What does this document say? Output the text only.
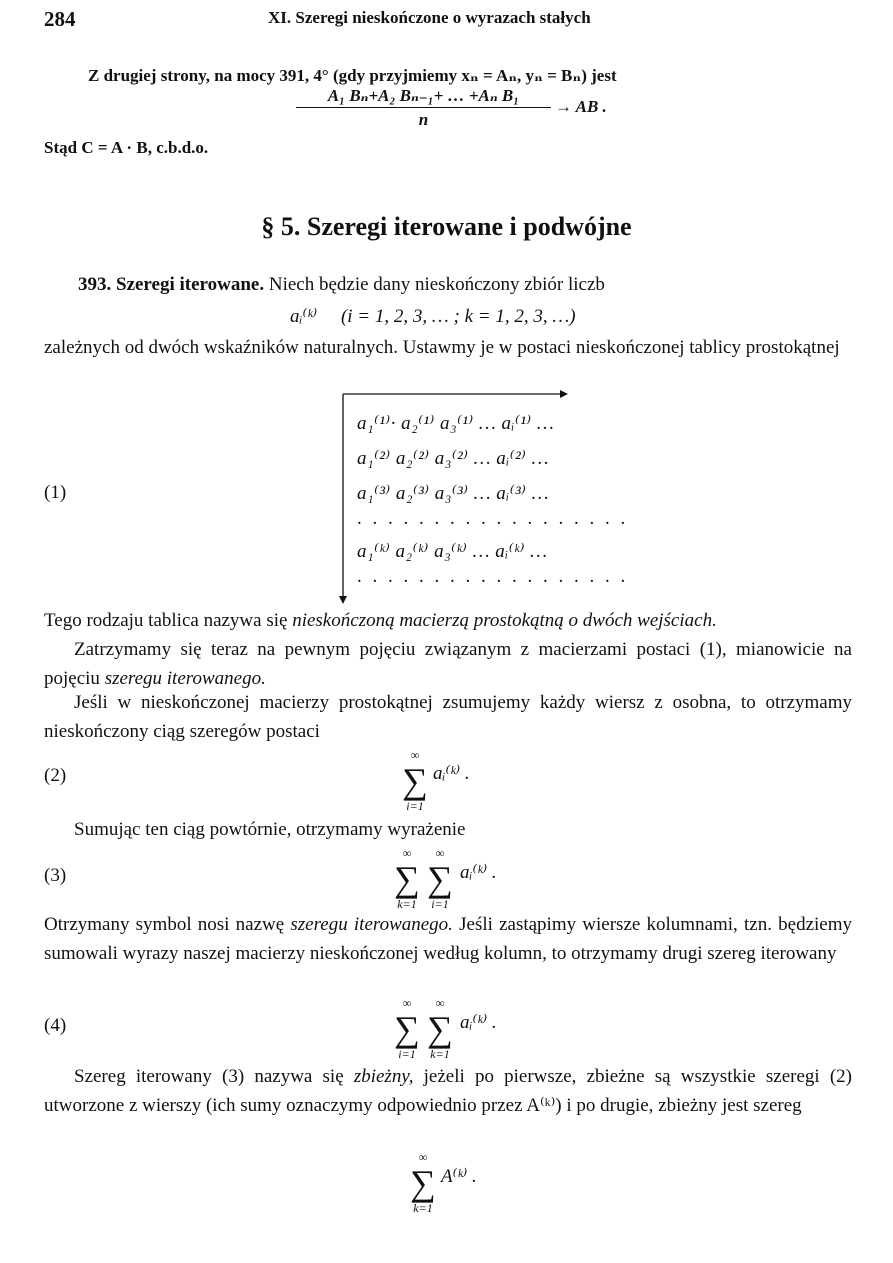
284	XI. Szeregi nieskończone o wyrazach stałych
Z drugiej strony, na mocy 391, 4° (gdy przyjmiemy xₙ = Aₙ, yₙ = Bₙ) jest
$\frac{\text{A₁ Bₙ+A₂ Bₙ₋₁+ … +Aₙ B₁}}{n}$ → AB .
Stąd C = A · B, c.b.d.o.
§ 5. Szeregi iterowane i podwójne
393. Szeregi iterowane. Niech będzie dany nieskończony zbiór liczb
aᵢ⁽ᵏ⁾ (i = 1, 2, 3, … ; k = 1, 2, 3, …)
zależnych od dwóch wskaźników naturalnych. Ustawmy je w postaci nieskończonej tablicy prostokątnej
(1)
a₁⁽¹⁾· a₂⁽¹⁾ a₃⁽¹⁾ … aᵢ⁽¹⁾ …
a₁⁽²⁾ a₂⁽²⁾ a₃⁽²⁾ … aᵢ⁽²⁾ …
a₁⁽³⁾ a₂⁽³⁾ a₃⁽³⁾ … aᵢ⁽³⁾ …
. . . . . . . . . . . . . . . . . .
a₁⁽ᵏ⁾ a₂⁽ᵏ⁾ a₃⁽ᵏ⁾ … aᵢ⁽ᵏ⁾ …
. . . . . . . . . . . . . . . . . .
Tego rodzaju tablica nazywa się nieskończoną macierzą prostokątną o dwóch wejściach.
Zatrzymamy się teraz na pewnym pojęciu związanym z macierzami postaci (1), mianowicie na pojęciu szeregu iterowanego.
Jeśli w nieskończonej macierzy prostokątnej zsumujemy każdy wiersz z osobna, to otrzymamy nieskończony ciąg szeregów postaci
(2)
∞
∑
i=1
aᵢ⁽ᵏ⁾ .
Sumując ten ciąg powtórnie, otrzymamy wyrażenie
(3)
∞
∑
k=1
∞
∑
i=1
aᵢ⁽ᵏ⁾ .
Otrzymany symbol nosi nazwę szeregu iterowanego. Jeśli zastąpimy wiersze kolumnami, tzn. będziemy sumowali wyrazy naszej macierzy nieskończonej według kolumn, to otrzymamy drugi szereg iterowany
(4)
∞
∑
i=1
∞
∑
k=1
aᵢ⁽ᵏ⁾ .
Szereg iterowany (3) nazywa się zbieżny, jeżeli po pierwsze, zbieżne są wszystkie szeregi (2) utworzone z wierszy (ich sumy oznaczymy odpowiednio przez A⁽ᵏ⁾) i po drugie, zbieżny jest szereg
∞
∑
k=1
A⁽ᵏ⁾ .
